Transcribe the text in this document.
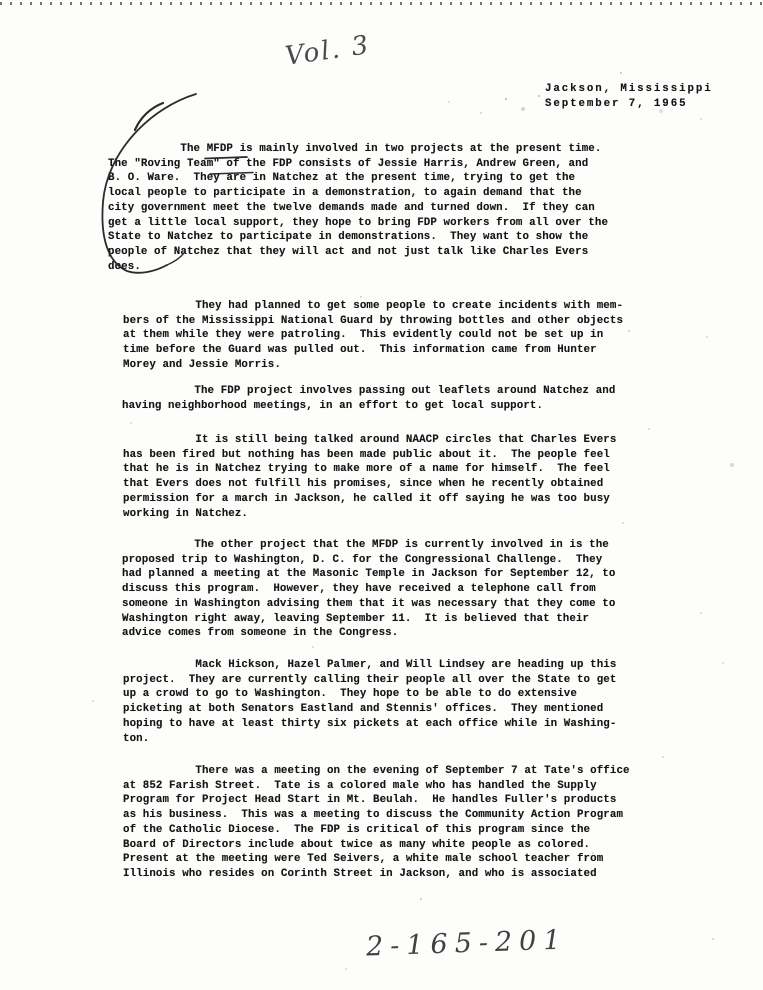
Vol. 3
Jackson, Mississippi
September 7, 1965
The MFDP is mainly involved in two projects at the present time.
The "Roving Team" of the FDP consists of Jessie Harris, Andrew Green, and
B. O. Ware.  They are in Natchez at the present time, trying to get the
local people to participate in a demonstration, to again demand that the
city government meet the twelve demands made and turned down.  If they can
get a little local support, they hope to bring FDP workers from all over the
State to Natchez to participate in demonstrations.  They want to show the
people of Natchez that they will act and not just talk like Charles Evers
does.
They had planned to get some people to create incidents with mem-
bers of the Mississippi National Guard by throwing bottles and other objects
at them while they were patroling.  This evidently could not be set up in
time before the Guard was pulled out.  This information came from Hunter
Morey and Jessie Morris.
The FDP project involves passing out leaflets around Natchez and
having neighborhood meetings, in an effort to get local support.
It is still being talked around NAACP circles that Charles Evers
has been fired but nothing has been made public about it.  The people feel
that he is in Natchez trying to make more of a name for himself.  The feel
that Evers does not fulfill his promises, since when he recently obtained
permission for a march in Jackson, he called it off saying he was too busy
working in Natchez.
The other project that the MFDP is currently involved in is the
proposed trip to Washington, D. C. for the Congressional Challenge.  They
had planned a meeting at the Masonic Temple in Jackson for September 12, to
discuss this program.  However, they have received a telephone call from
someone in Washington advising them that it was necessary that they come to
Washington right away, leaving September 11.  It is believed that their
advice comes from someone in the Congress.
Mack Hickson, Hazel Palmer, and Will Lindsey are heading up this
project.  They are currently calling their people all over the State to get
up a crowd to go to Washington.  They hope to be able to do extensive
picketing at both Senators Eastland and Stennis' offices.  They mentioned
hoping to have at least thirty six pickets at each office while in Washing-
ton.
There was a meeting on the evening of September 7 at Tate's office
at 852 Farish Street.  Tate is a colored male who has handled the Supply
Program for Project Head Start in Mt. Beulah.  He handles Fuller's products
as his business.  This was a meeting to discuss the Community Action Program
of the Catholic Diocese.  The FDP is critical of this program since the
Board of Directors include about twice as many white people as colored.
Present at the meeting were Ted Seivers, a white male school teacher from
Illinois who resides on Corinth Street in Jackson, and who is associated
2-165-201
